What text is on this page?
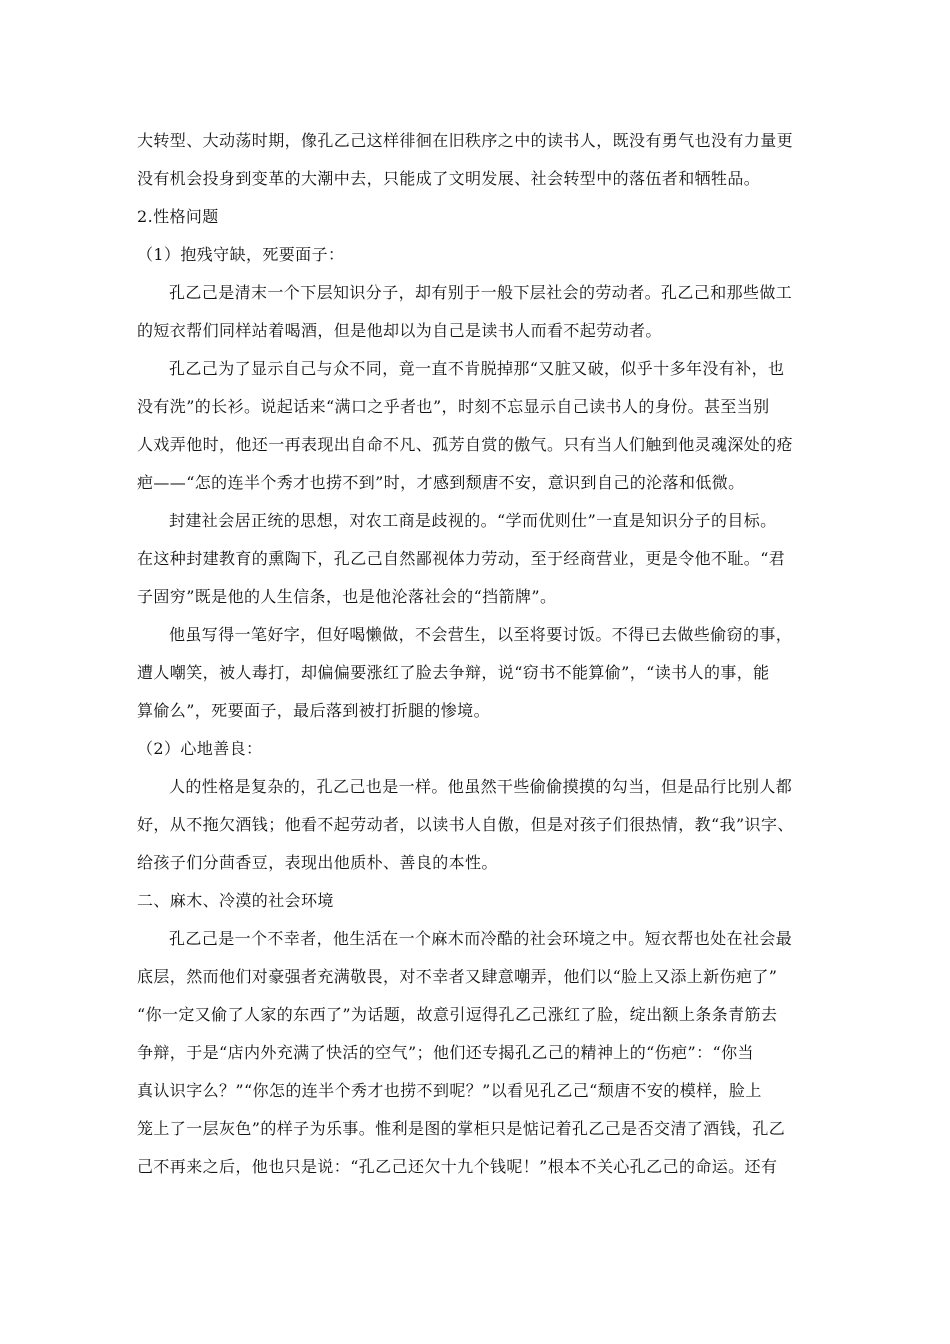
大转型、大动荡时期，像孔乙己这样徘徊在旧秩序之中的读书人，既没有勇气也没有力量更
没有机会投身到变革的大潮中去，只能成了文明发展、社会转型中的落伍者和牺牲品。
2.性格问题
（1）抱残守缺，死要面子：
孔乙己是清末一个下层知识分子，却有别于一般下层社会的劳动者。孔乙己和那些做工
的短衣帮们同样站着喝酒，但是他却以为自己是读书人而看不起劳动者。
孔乙己为了显示自己与众不同，竟一直不肯脱掉那“又脏又破，似乎十多年没有补，也
没有洗”的长衫。说起话来“满口之乎者也”，时刻不忘显示自己读书人的身份。甚至当别
人戏弄他时，他还一再表现出自命不凡、孤芳自赏的傲气。只有当人们触到他灵魂深处的疮
疤——“怎的连半个秀才也捞不到”时，才感到颓唐不安，意识到自己的沦落和低微。
封建社会居正统的思想，对农工商是歧视的。“学而优则仕”一直是知识分子的目标。
在这种封建教育的熏陶下，孔乙己自然鄙视体力劳动，至于经商营业，更是令他不耻。“君
子固穷”既是他的人生信条，也是他沦落社会的“挡箭牌”。
他虽写得一笔好字，但好喝懒做，不会营生，以至将要讨饭。不得已去做些偷窃的事，
遭人嘲笑，被人毒打，却偏偏要涨红了脸去争辩，说“窃书不能算偷”，“读书人的事，能
算偷么”，死要面子，最后落到被打折腿的惨境。
（2）心地善良：
人的性格是复杂的，孔乙己也是一样。他虽然干些偷偷摸摸的勾当，但是品行比别人都
好，从不拖欠酒钱；他看不起劳动者，以读书人自傲，但是对孩子们很热情，教“我”识字、
给孩子们分茴香豆，表现出他质朴、善良的本性。
二、麻木、冷漠的社会环境
孔乙己是一个不幸者，他生活在一个麻木而冷酷的社会环境之中。短衣帮也处在社会最
底层，然而他们对豪强者充满敬畏，对不幸者又肆意嘲弄，他们以“脸上又添上新伤疤了”
“你一定又偷了人家的东西了”为话题，故意引逗得孔乙己涨红了脸，绽出额上条条青筋去
争辩，于是“店内外充满了快活的空气”；他们还专揭孔乙己的精神上的“伤疤”：“你当
真认识字么？”“你怎的连半个秀才也捞不到呢？”以看见孔乙己“颓唐不安的模样，脸上
笼上了一层灰色”的样子为乐事。惟利是图的掌柜只是惦记着孔乙己是否交清了酒钱，孔乙
己不再来之后，他也只是说：“孔乙己还欠十九个钱呢！”根本不关心孔乙己的命运。还有
